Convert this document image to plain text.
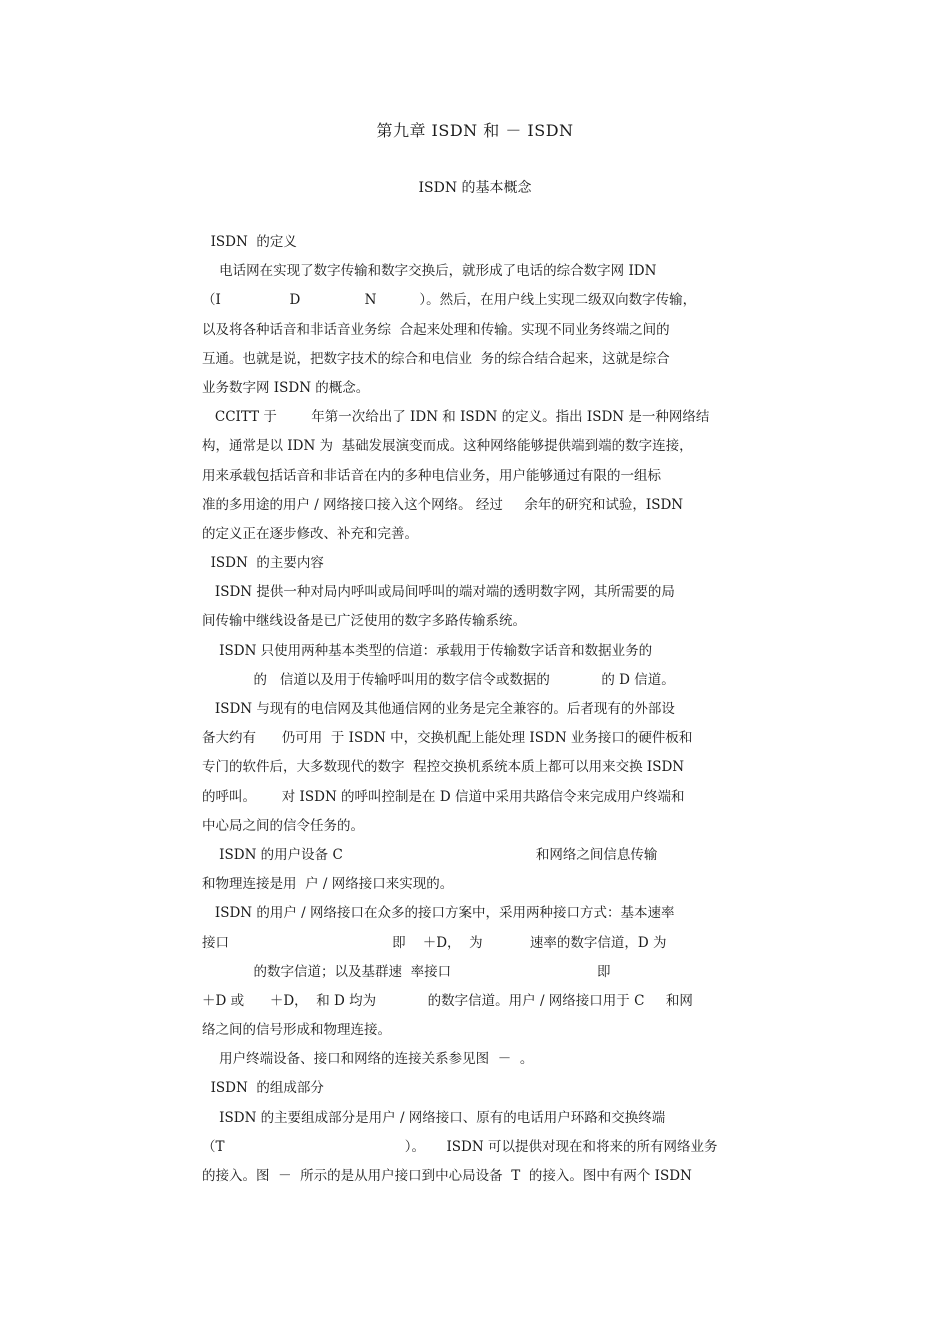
第九章 ISDN 和 － ISDN
ISDN 的基本概念
ISDN  的定义
电话网在实现了数字传输和数字交换后，就形成了电话的综合数字网 IDN
（I                D               N          ）。然后，在用户线上实现二级双向数字传输，
以及将各种话音和非话音业务综  合起来处理和传输。实现不同业务终端之间的
互通。也就是说，把数字技术的综合和电信业  务的综合结合起来，这就是综合
业务数字网 ISDN 的概念。
CCITT 于        年第一次给出了 IDN 和 ISDN 的定义。指出 ISDN 是一种网络结
构，通常是以 IDN 为  基础发展演变而成。这种网络能够提供端到端的数字连接，
用来承载包括话音和非话音在内的多种电信业务，用户能够通过有限的一组标
准的多用途的用户 / 网络接口接入这个网络。 经过     余年的研究和试验，ISDN
的定义正在逐步修改、补充和完善。
ISDN  的主要内容
ISDN 提供一种对局内呼叫或局间呼叫的端对端的透明数字网，其所需要的局
间传输中继线设备是已广泛使用的数字多路传输系统。
ISDN 只使用两种基本类型的信道：承载用于传输数字话音和数据业务的
的   信道以及用于传输呼叫用的数字信令或数据的            的 D 信道。
ISDN 与现有的电信网及其他通信网的业务是完全兼容的。后者现有的外部设
备大约有      仍可用  于 ISDN 中，交换机配上能处理 ISDN 业务接口的硬件板和
专门的软件后，大多数现代的数字  程控交换机系统本质上都可以用来交换 ISDN
的呼叫。      对 ISDN 的呼叫控制是在 D 信道中采用共路信令来完成用户终端和
中心局之间的信令任务的。
ISDN 的用户设备 C                                             和网络之间信息传输
和物理连接是用  户 / 网络接口来实现的。
ISDN 的用户 / 网络接口在众多的接口方案中，采用两种接口方式：基本速率
接口                                      即    ＋D，  为           速率的数字信道，D 为
的数字信道；以及基群速  率接口                                  即
＋D 或      ＋D，  和 D 均为            的数字信道。用户 / 网络接口用于 C     和网
络之间的信号形成和物理连接。
用户终端设备、接口和网络的连接关系参见图  －  。
ISDN  的组成部分
ISDN 的主要组成部分是用户 / 网络接口、原有的电话用户环路和交换终端
（T                                          ）。     ISDN 可以提供对现在和将来的所有网络业务
的接入。图  －  所示的是从用户接口到中心局设备  T  的接入。图中有两个 ISDN
